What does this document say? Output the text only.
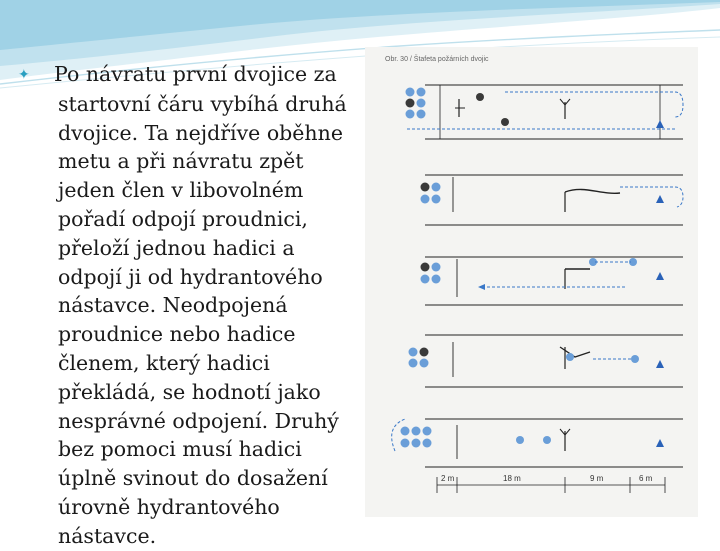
✦ Po návratu první dvojice za startovní čáru vybíhá druhá dvojice. Ta nejdříve oběhne metu a při návratu zpět jeden člen v libovolném pořadí odpojí proudnici, přeloží jednou hadici a odpojí ji od hydrantového nástavce. Neodpojená proudnice nebo hadice členem, který hadici překládá, se hodnotí jako nesprávné odpojení. Druhý bez pomoci musí hadici úplně svinout do dosažení úrovně hydrantového nástavce.

Obr. 30 / Štafeta požárních dvojic
2 m	18 m	9 m	6 m
